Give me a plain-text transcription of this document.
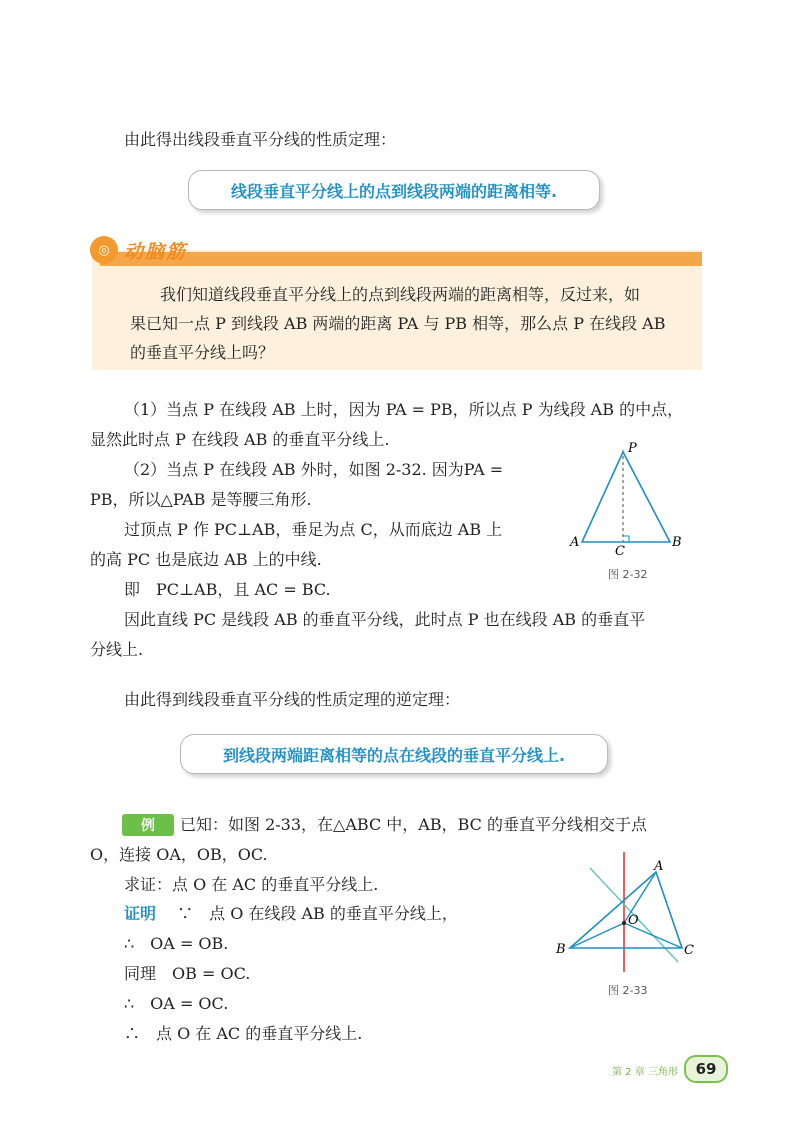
由此得出线段垂直平分线的性质定理：
线段垂直平分线上的点到线段两端的距离相等.
◎ 动脑筋
我们知道线段垂直平分线上的点到线段两端的距离相等，反过来，如
果已知一点 P 到线段 AB 两端的距离 PA 与 PB 相等，那么点 P 在线段 AB
的垂直平分线上吗？
（1）当点 P 在线段 AB 上时，因为 PA = PB，所以点 P 为线段 AB 的中点，
显然此时点 P 在线段 AB 的垂直平分线上.
（2）当点 P 在线段 AB 外时，如图 2-32. 因为PA =
PB，所以△PAB 是等腰三角形.
过顶点 P 作 PC⊥AB，垂足为点 C，从而底边 AB 上
的高 PC 也是底边 AB 上的中线.
即　PC⊥AB，且 AC = BC.
因此直线 PC 是线段 AB 的垂直平分线，此时点 P 也在线段 AB 的垂直平
分线上.
由此得到线段垂直平分线的性质定理的逆定理：
P
A	B
C
图 2-32
到线段两端距离相等的点在线段的垂直平分线上.
例	已知：如图 2-33，在△ABC 中，AB，BC 的垂直平分线相交于点
O，连接 OA，OB，OC.
求证：点 O 在 AC 的垂直平分线上.
证明 ∵　点 O 在线段 AB 的垂直平分线上，
∴　OA = OB.
同理　OB = OC.
∴　OA = OC.
∴　点 O 在 AC 的垂直平分线上.
A
B	C
O
图 2-33
第 2 章 三角形	69
